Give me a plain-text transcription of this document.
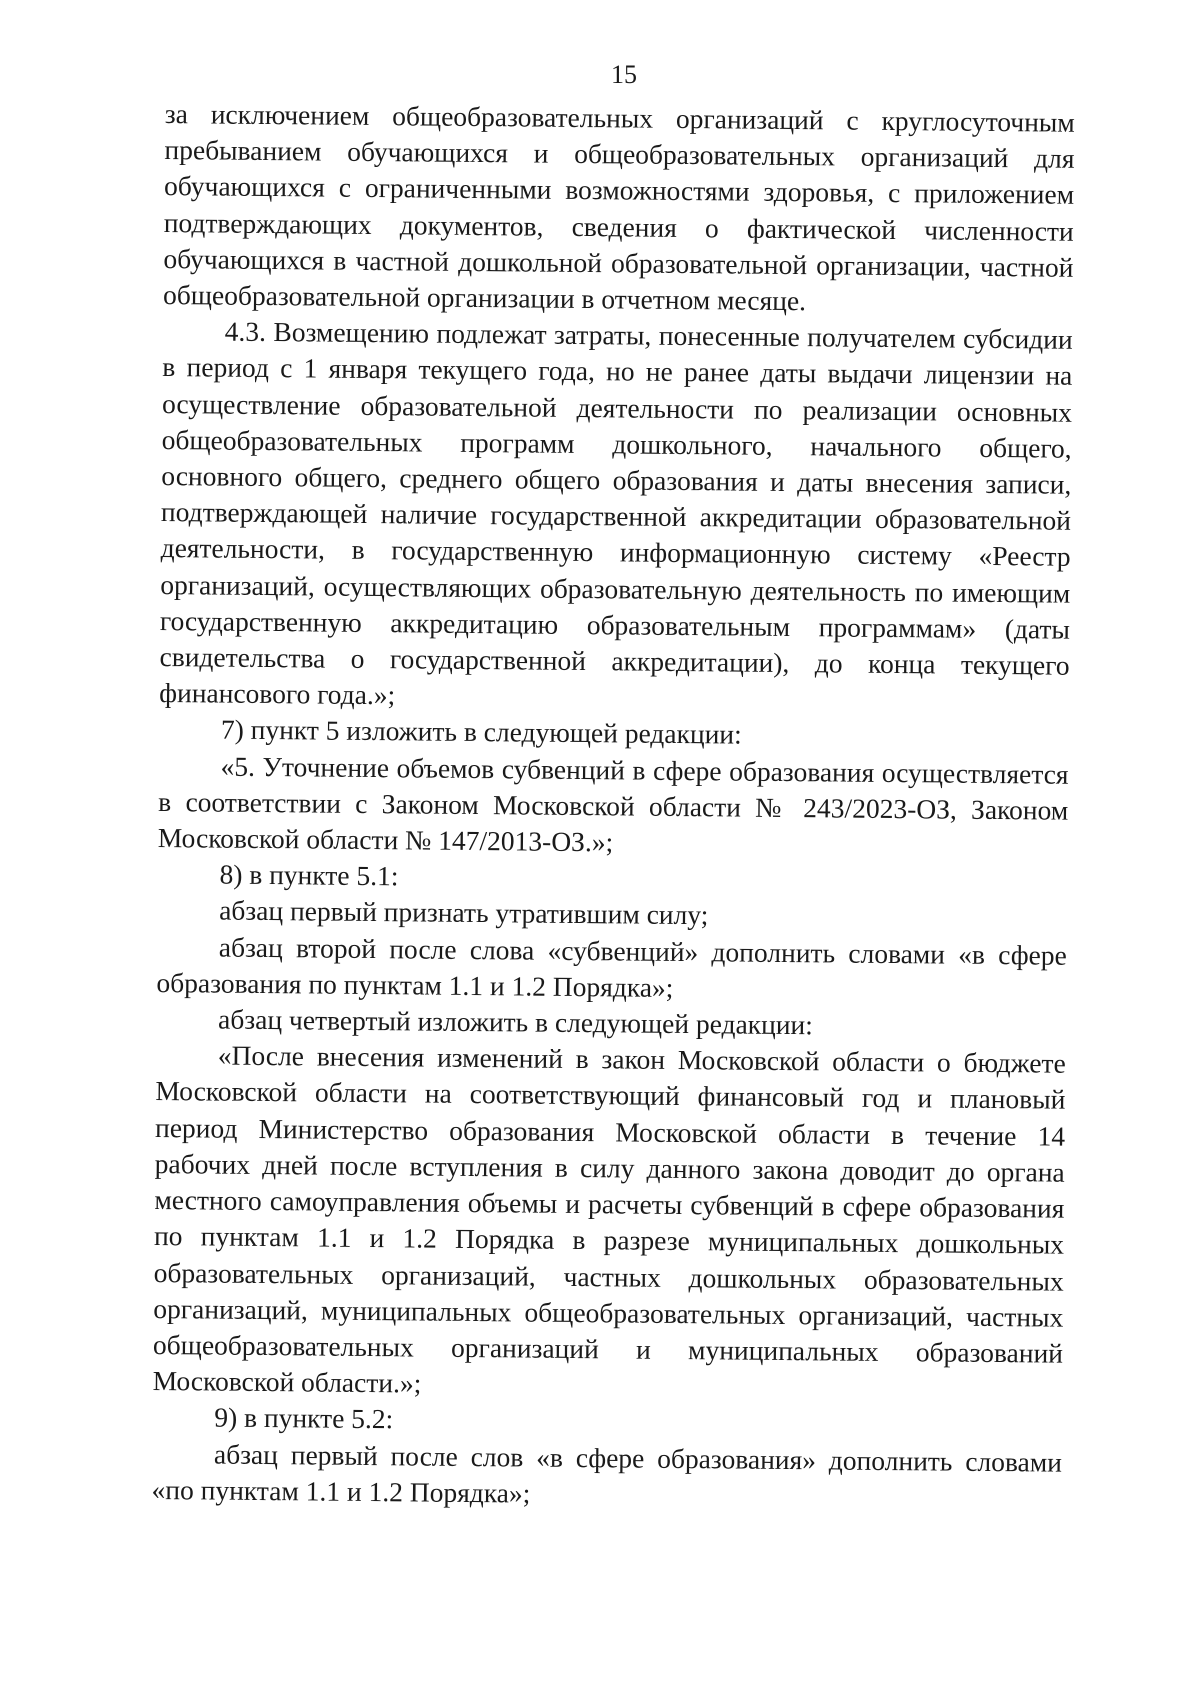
15

за исключением общеобразовательных организаций с круглосуточным пребыванием обучающихся и общеобразовательных организаций для обучающихся с ограниченными возможностями здоровья, с приложением подтверждающих документов, сведения о фактической численности обучающихся в частной дошкольной образовательной организации, частной общеобразовательной организации в отчетном месяце.

4.3. Возмещению подлежат затраты, понесенные получателем субсидии в период с 1 января текущего года, но не ранее даты выдачи лицензии на осуществление образовательной деятельности по реализации основных общеобразовательных программ дошкольного, начального общего, основного общего, среднего общего образования и даты внесения записи, подтверждающей наличие государственной аккредитации образовательной деятельности, в государственную информационную систему «Реестр организаций, осуществляющих образовательную деятельность по имеющим государственную аккредитацию образовательным программам» (даты свидетельства о государственной аккредитации), до конца текущего финансового года.»;

7) пункт 5 изложить в следующей редакции:

«5. Уточнение объемов субвенций в сфере образования осуществляется в соответствии с Законом Московской области № 243/2023-ОЗ, Законом Московской области № 147/2013-ОЗ.»;

8) в пункте 5.1:

абзац первый признать утратившим силу;

абзац второй после слова «субвенций» дополнить словами «в сфере образования по пунктам 1.1 и 1.2 Порядка»;

абзац четвертый изложить в следующей редакции:

«После внесения изменений в закон Московской области о бюджете Московской области на соответствующий финансовый год и плановый период Министерство образования Московской области в течение 14 рабочих дней после вступления в силу данного закона доводит до органа местного самоуправления объемы и расчеты субвенций в сфере образования по пунктам 1.1 и 1.2 Порядка в разрезе муниципальных дошкольных образовательных организаций, частных дошкольных образовательных организаций, муниципальных общеобразовательных организаций, частных общеобразовательных организаций и муниципальных образований Московской области.»;

9) в пункте 5.2:

абзац первый после слов «в сфере образования» дополнить словами «по пунктам 1.1 и 1.2 Порядка»;
